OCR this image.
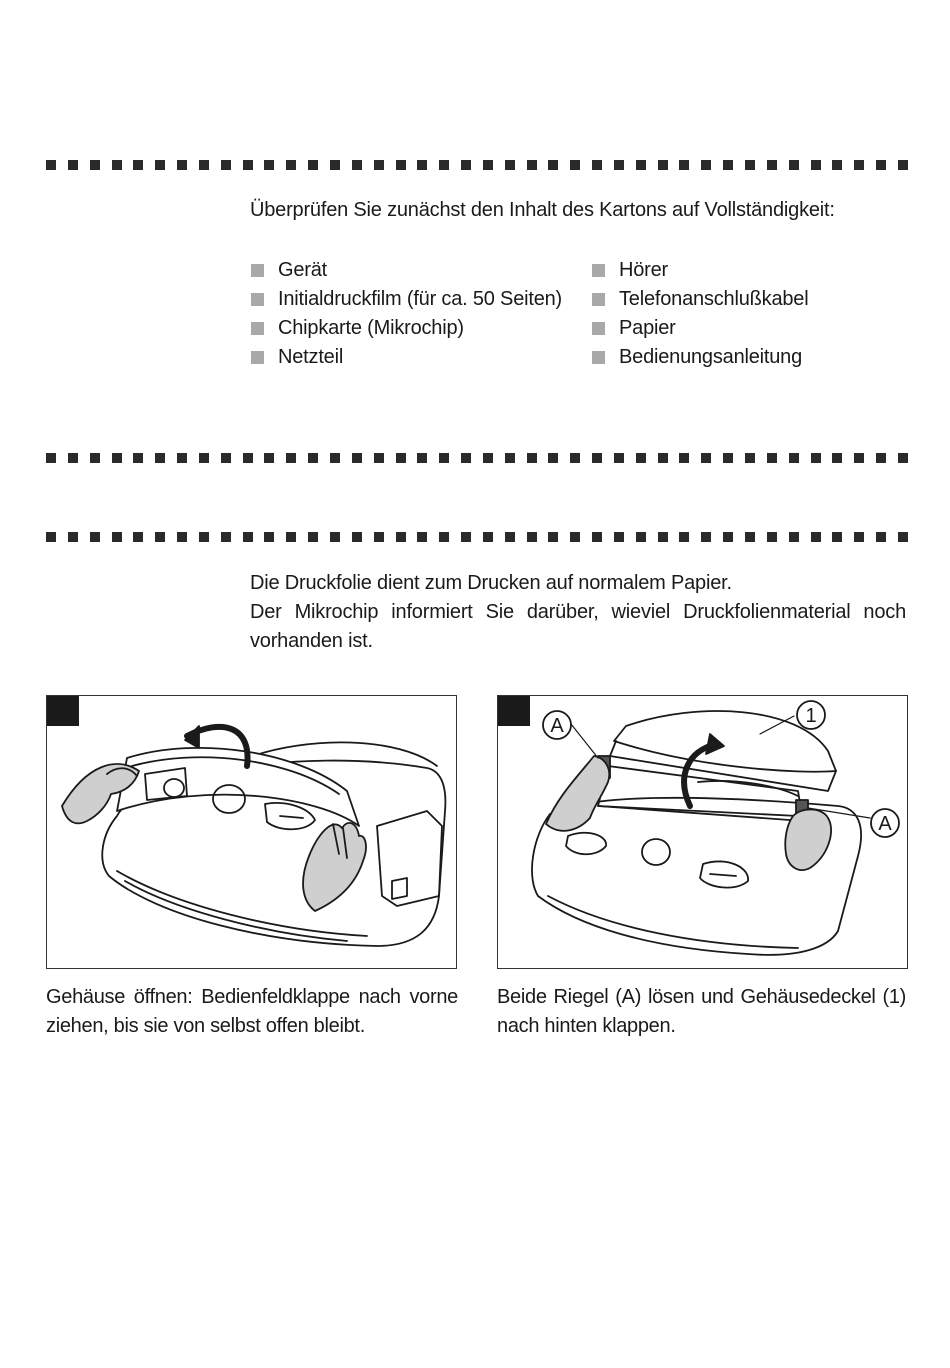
Überprüfen Sie zunächst den Inhalt des Kartons auf Vollständigkeit:
Gerät
Initialdruckfilm (für ca. 50 Seiten)
Chipkarte (Mikrochip)
Netzteil
Hörer
Telefonanschlußkabel
Papier
Bedienungsanleitung

Die Druckfolie dient zum Drucken auf normalem Papier.

Der Mikrochip informiert Sie darüber, wieviel Druckfolienmaterial noch vorhanden ist.

A	1
A
Gehäuse öffnen: Bedienfeldklappe nach vorne ziehen, bis sie von selbst offen bleibt.
Beide Riegel (A) lösen und Gehäusedeckel (1) nach hinten klappen.
